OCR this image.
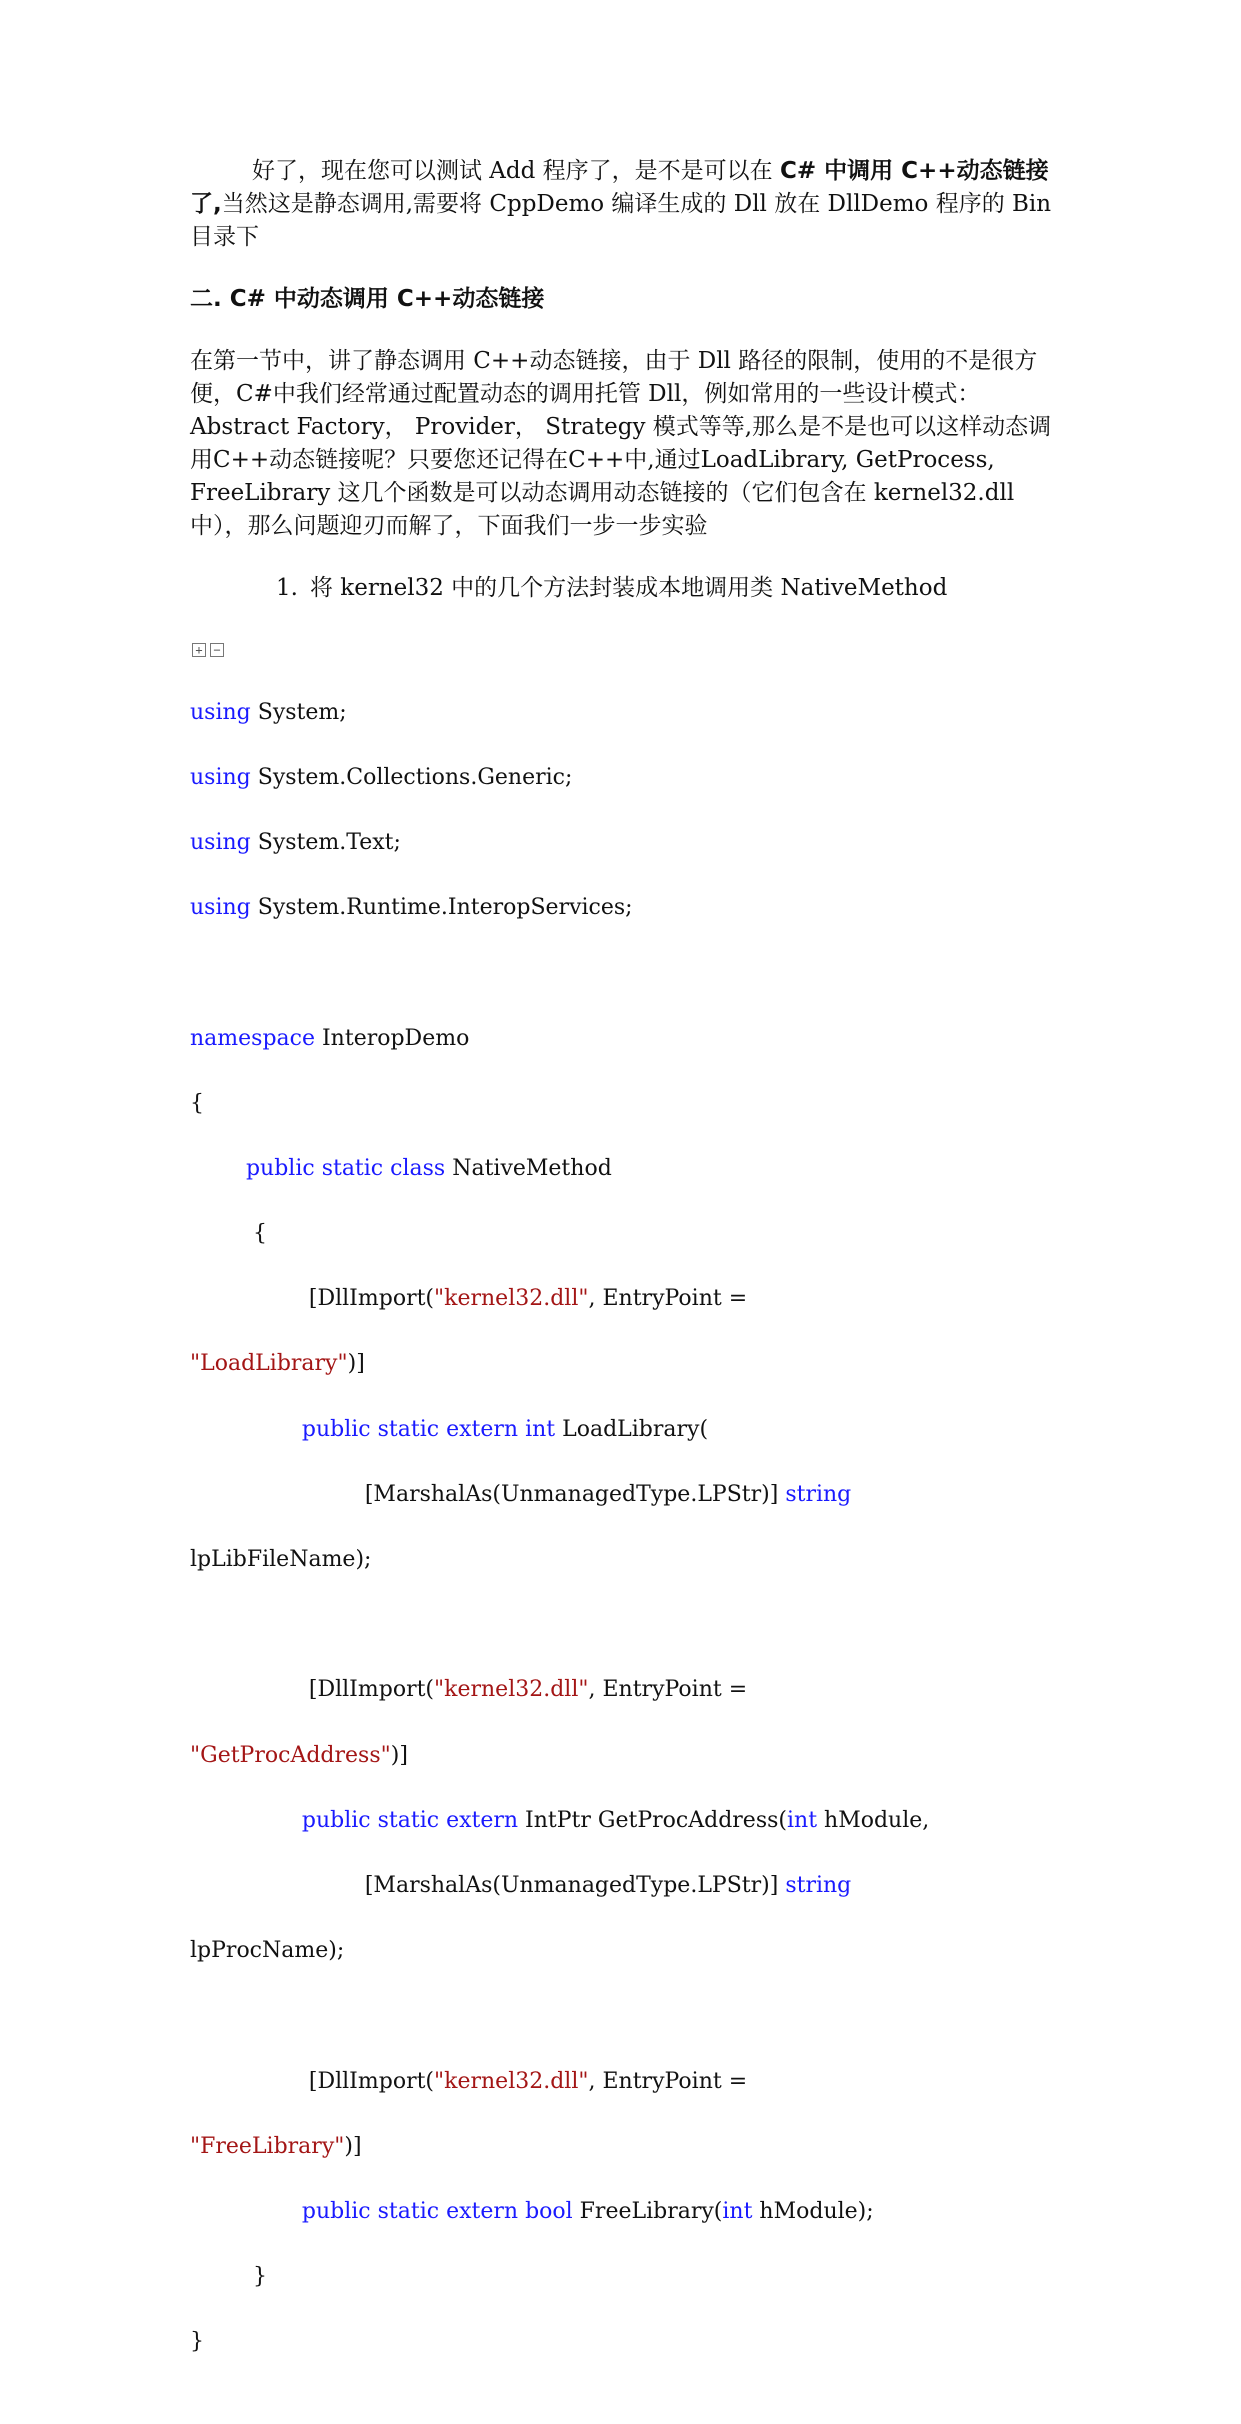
好了，现在您可以测试 Add 程序了，是不是可以在 C# 中调用 C++动态链接了,当然这是静态调用,需要将 CppDemo 编译生成的 Dll 放在 DllDemo 程序的 Bin 目录下
二. C# 中动态调用 C++动态链接
在第一节中，讲了静态调用 C++动态链接，由于 Dll 路径的限制，使用的不是很方便，C#中我们经常通过配置动态的调用托管 Dll，例如常用的一些设计模式：Abstract Factory， Provider， Strategy 模式等等,那么是不是也可以这样动态调用C++动态链接呢？只要您还记得在C++中,通过LoadLibrary, GetProcess, FreeLibrary 这几个函数是可以动态调用动态链接的（它们包含在 kernel32.dll 中），那么问题迎刃而解了，下面我们一步一步实验
1. 将 kernel32 中的几个方法封装成本地调用类 NativeMethod
+ −

using System;

using System.Collections.Generic;

using System.Text;

using System.Runtime.InteropServices;

namespace InteropDemo

{

public static class NativeMethod

{

[DllImport("kernel32.dll", EntryPoint =

"LoadLibrary")]

public static extern int LoadLibrary(

[MarshalAs(UnmanagedType.LPStr)] string

lpLibFileName);

[DllImport("kernel32.dll", EntryPoint =

"GetProcAddress")]

public static extern IntPtr GetProcAddress(int hModule,

[MarshalAs(UnmanagedType.LPStr)] string

lpProcName);

[DllImport("kernel32.dll", EntryPoint =

"FreeLibrary")]

public static extern bool FreeLibrary(int hModule);

}

}
